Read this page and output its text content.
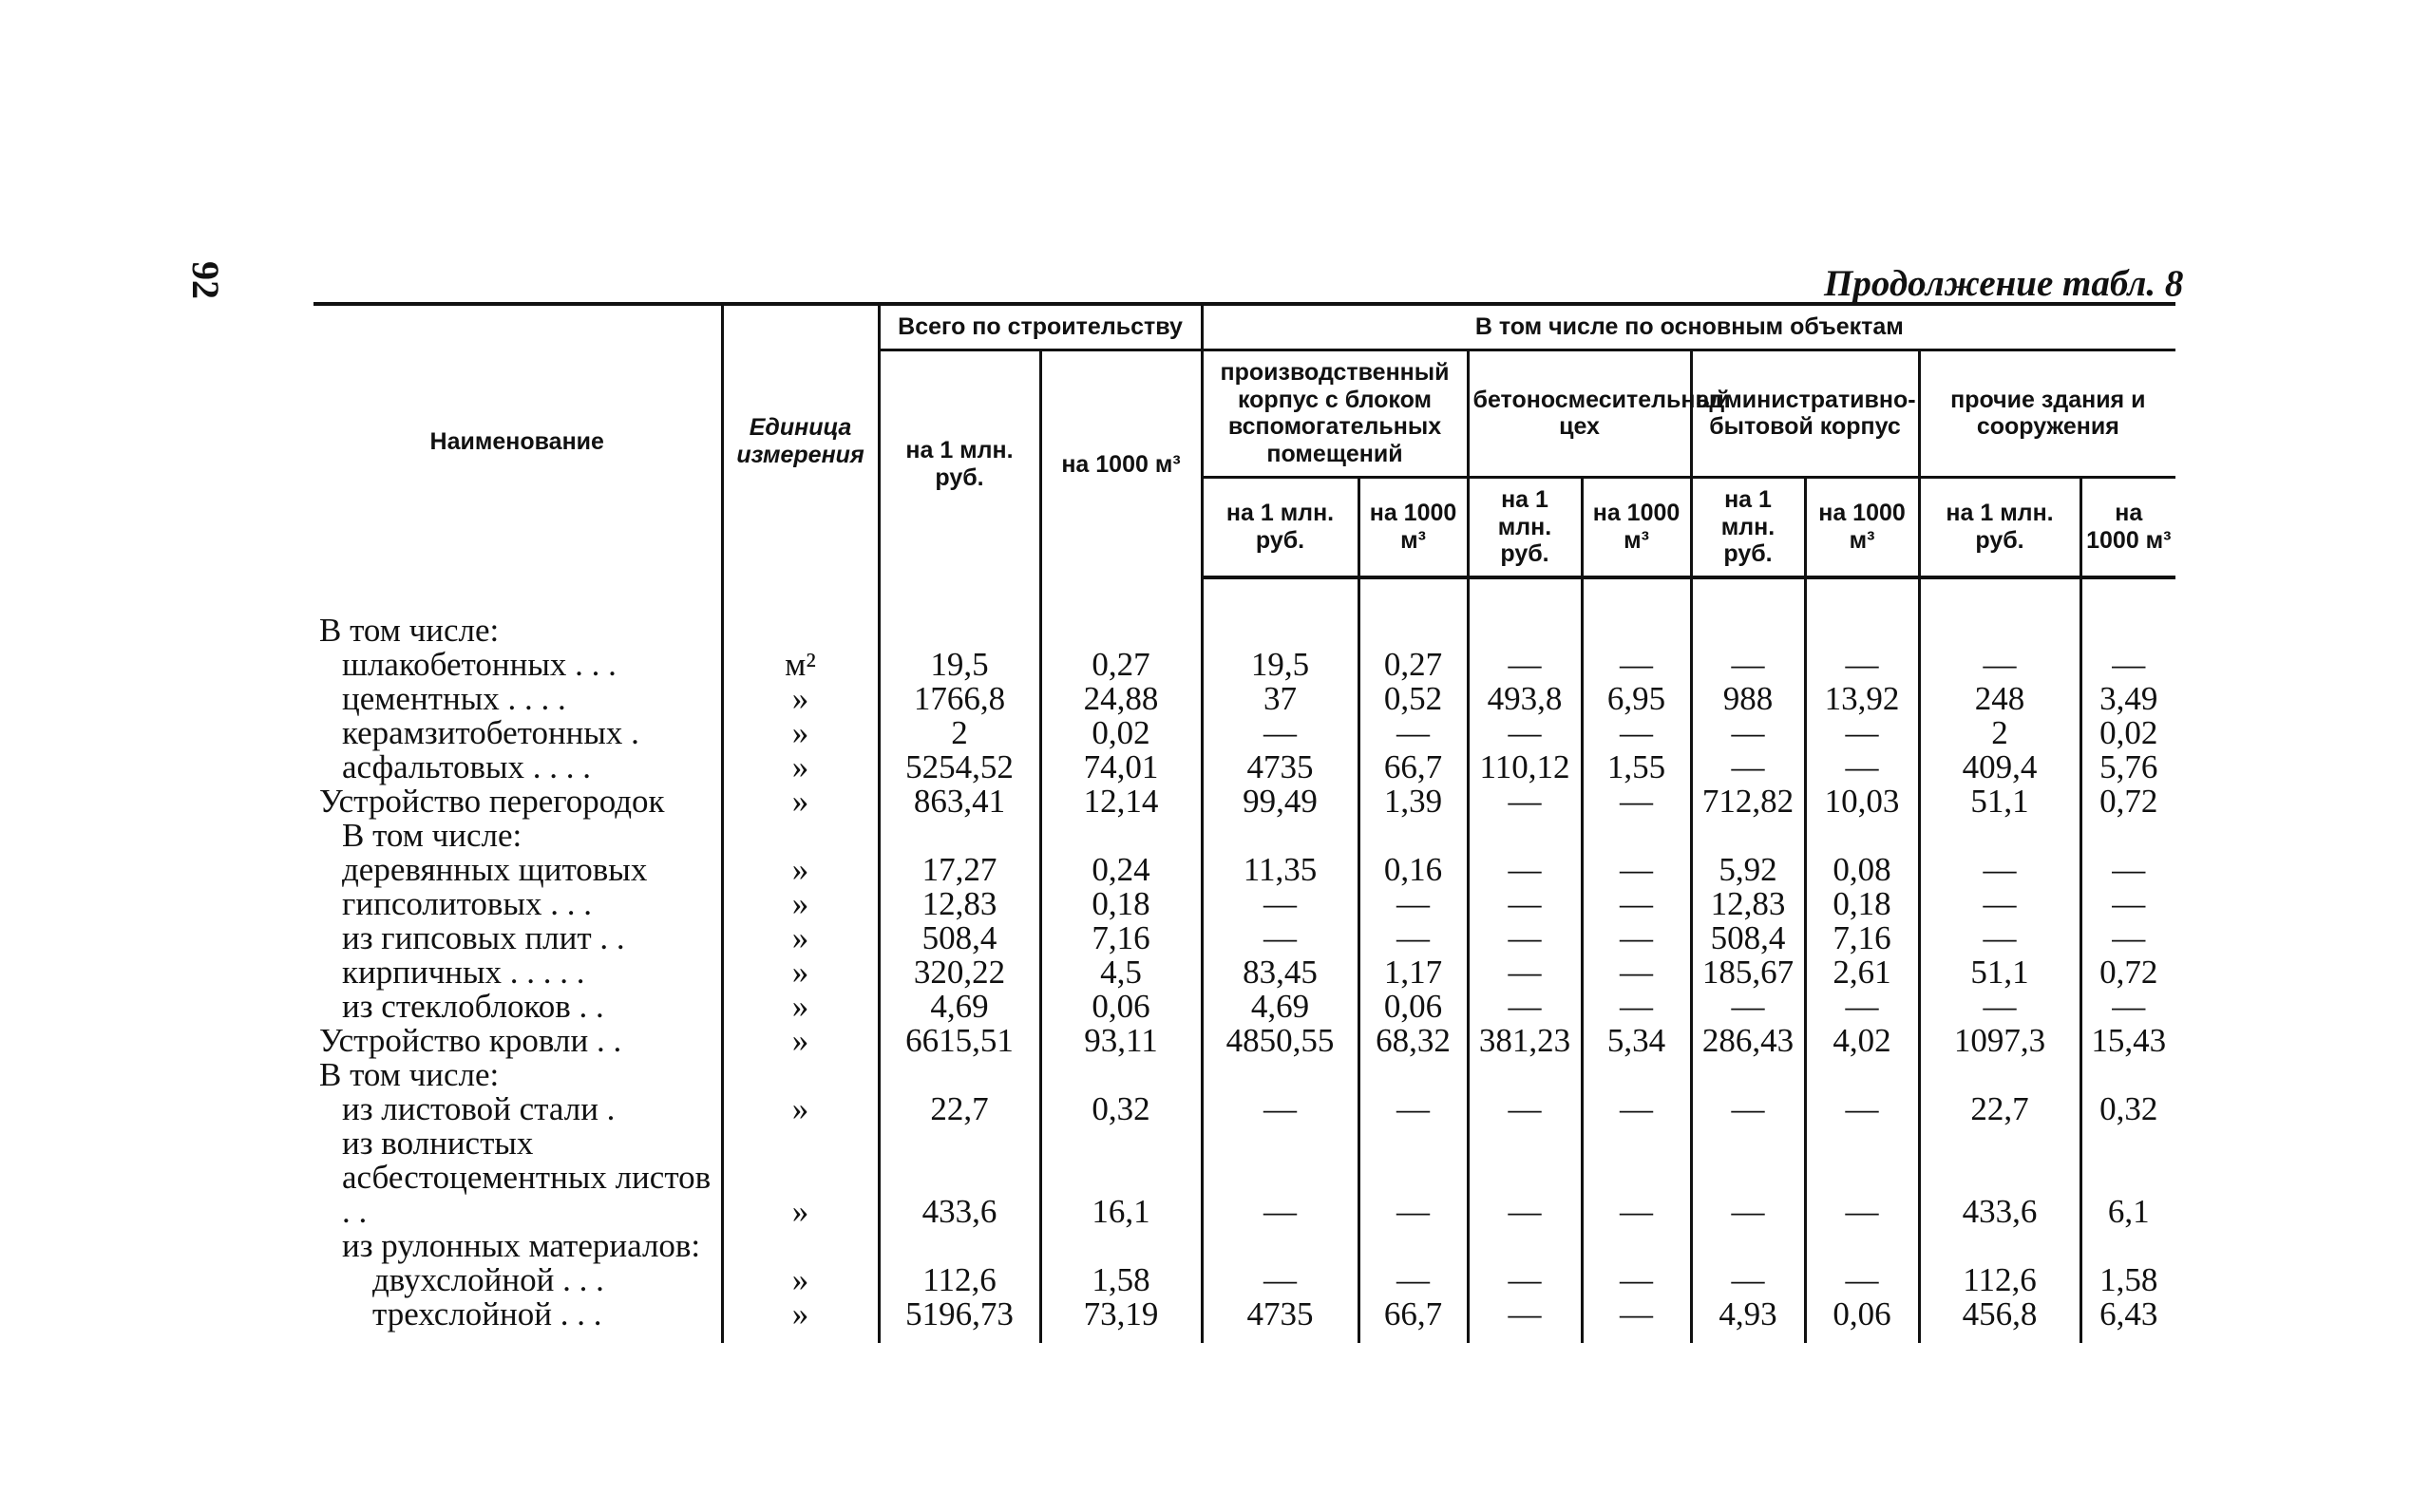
92	Продолжение табл. 8
Наименование	Единица измерения	Всего по строительству		В том числе по основным объектам							
		на 1 млн. руб.	на 1000 м³	производственный корпус с блоком вспомогательных помещений		бетоносмесительный цех		административно-бытовой корпус		прочие здания и сооружения	
				на 1 млн. руб.	на 1000 м³	на 1 млн. руб.	на 1000 м³	на 1 млн. руб.	на 1000 м³	на 1 млн. руб.	на 1000 м³
В том числе:											
шлакобетонных . . .	м²	19,5	0,27	19,5	0,27	—	—	—	—	—	—
цементных . . . .	»	1766,8	24,88	37	0,52	493,8	6,95	988	13,92	248	3,49
керамзитобетонных .	»	2	0,02	—	—	—	—	—	—	2	0,02
асфальтовых . . . .	»	5254,52	74,01	4735	66,7	110,12	1,55	—	—	409,4	5,76
Устройство перегородок	»	863,41	12,14	99,49	1,39	—	—	712,82	10,03	51,1	0,72
В том числе:											
деревянных щитовых	»	17,27	0,24	11,35	0,16	—	—	5,92	0,08	—	—
гипсолитовых . . .	»	12,83	0,18	—	—	—	—	12,83	0,18	—	—
из гипсовых плит . .	»	508,4	7,16	—	—	—	—	508,4	7,16	—	—
кирпичных . . . . .	»	320,22	4,5	83,45	1,17	—	—	185,67	2,61	51,1	0,72
из стеклоблоков . .	»	4,69	0,06	4,69	0,06	—	—	—	—	—	—
Устройство кровли . .	»	6615,51	93,11	4850,55	68,32	381,23	5,34	286,43	4,02	1097,3	15,43
В том числе:											
из листовой стали .	»	22,7	0,32	—	—	—	—	—	—	22,7	0,32
из волнистых асбестоцементных листов . .	»	433,6	16,1	—	—	—	—	—	—	433,6	6,1
из рулонных материалов:											
двухслойной . . .	»	112,6	1,58	—	—	—	—	—	—	112,6	1,58
трехслойной . . .	»	5196,73	73,19	4735	66,7	—	—	4,93	0,06	456,8	6,43
